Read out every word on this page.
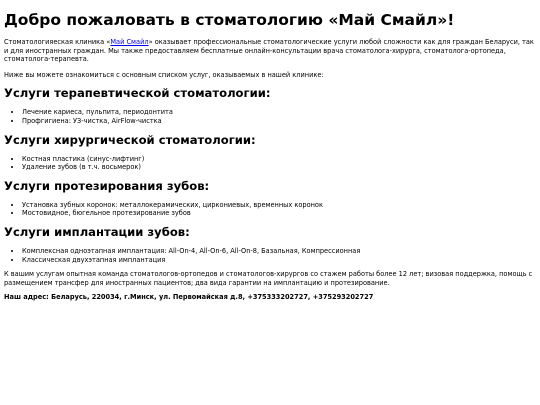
Добро пожаловать в стоматологию «Май Смайл»!

Стоматологияеская клиника «Май Смайл» оказывает профессиональные стоматологические услуги любой сложности как для граждан Беларуси, так и для иностранных граждан. Мы также предоставляем бесплатные онлайн-консультации врача стоматолога-хирурга, стоматолога-ортопеда, стоматолога-терапевта.

Ниже вы можете ознакомиться с основным списком услуг, оказываемых в нашей клинике:

Услуги терапевтической стоматологии:
• Лечение кариеса, пульпита, периодонтита
• Профгигиена: УЗ-чистка, AirFlow-чистка
Услуги хирургической стоматологии:
• Костная пластика (синус-лифтинг)
• Удаление зубов (в т.ч. восьмерок)
Услуги протезирования зубов:
• Установка зубных коронок: металлокерамических, циркониевых, временных коронок
• Мостовидное, бюгельное протезирование зубов
Услуги имплантации зубов:
• Комплексная одноэтапная имплантация: All-On-4, All-On-6, All-On-8, Базальная, Компрессионная
• Классическая двухэтапная имплантация

К вашим услугам опытная команда стоматологов-ортопедов и стоматологов-хирургов со стажем работы более 12 лет; визовая поддержка, помощь с размещением трансфер для иностранных пациентов; два вида гарантии на имплантацию и протезирование.

Наш адрес: Беларусь, 220034, г.Минск, ул. Первомайская д.8, +375333202727, +375293202727
